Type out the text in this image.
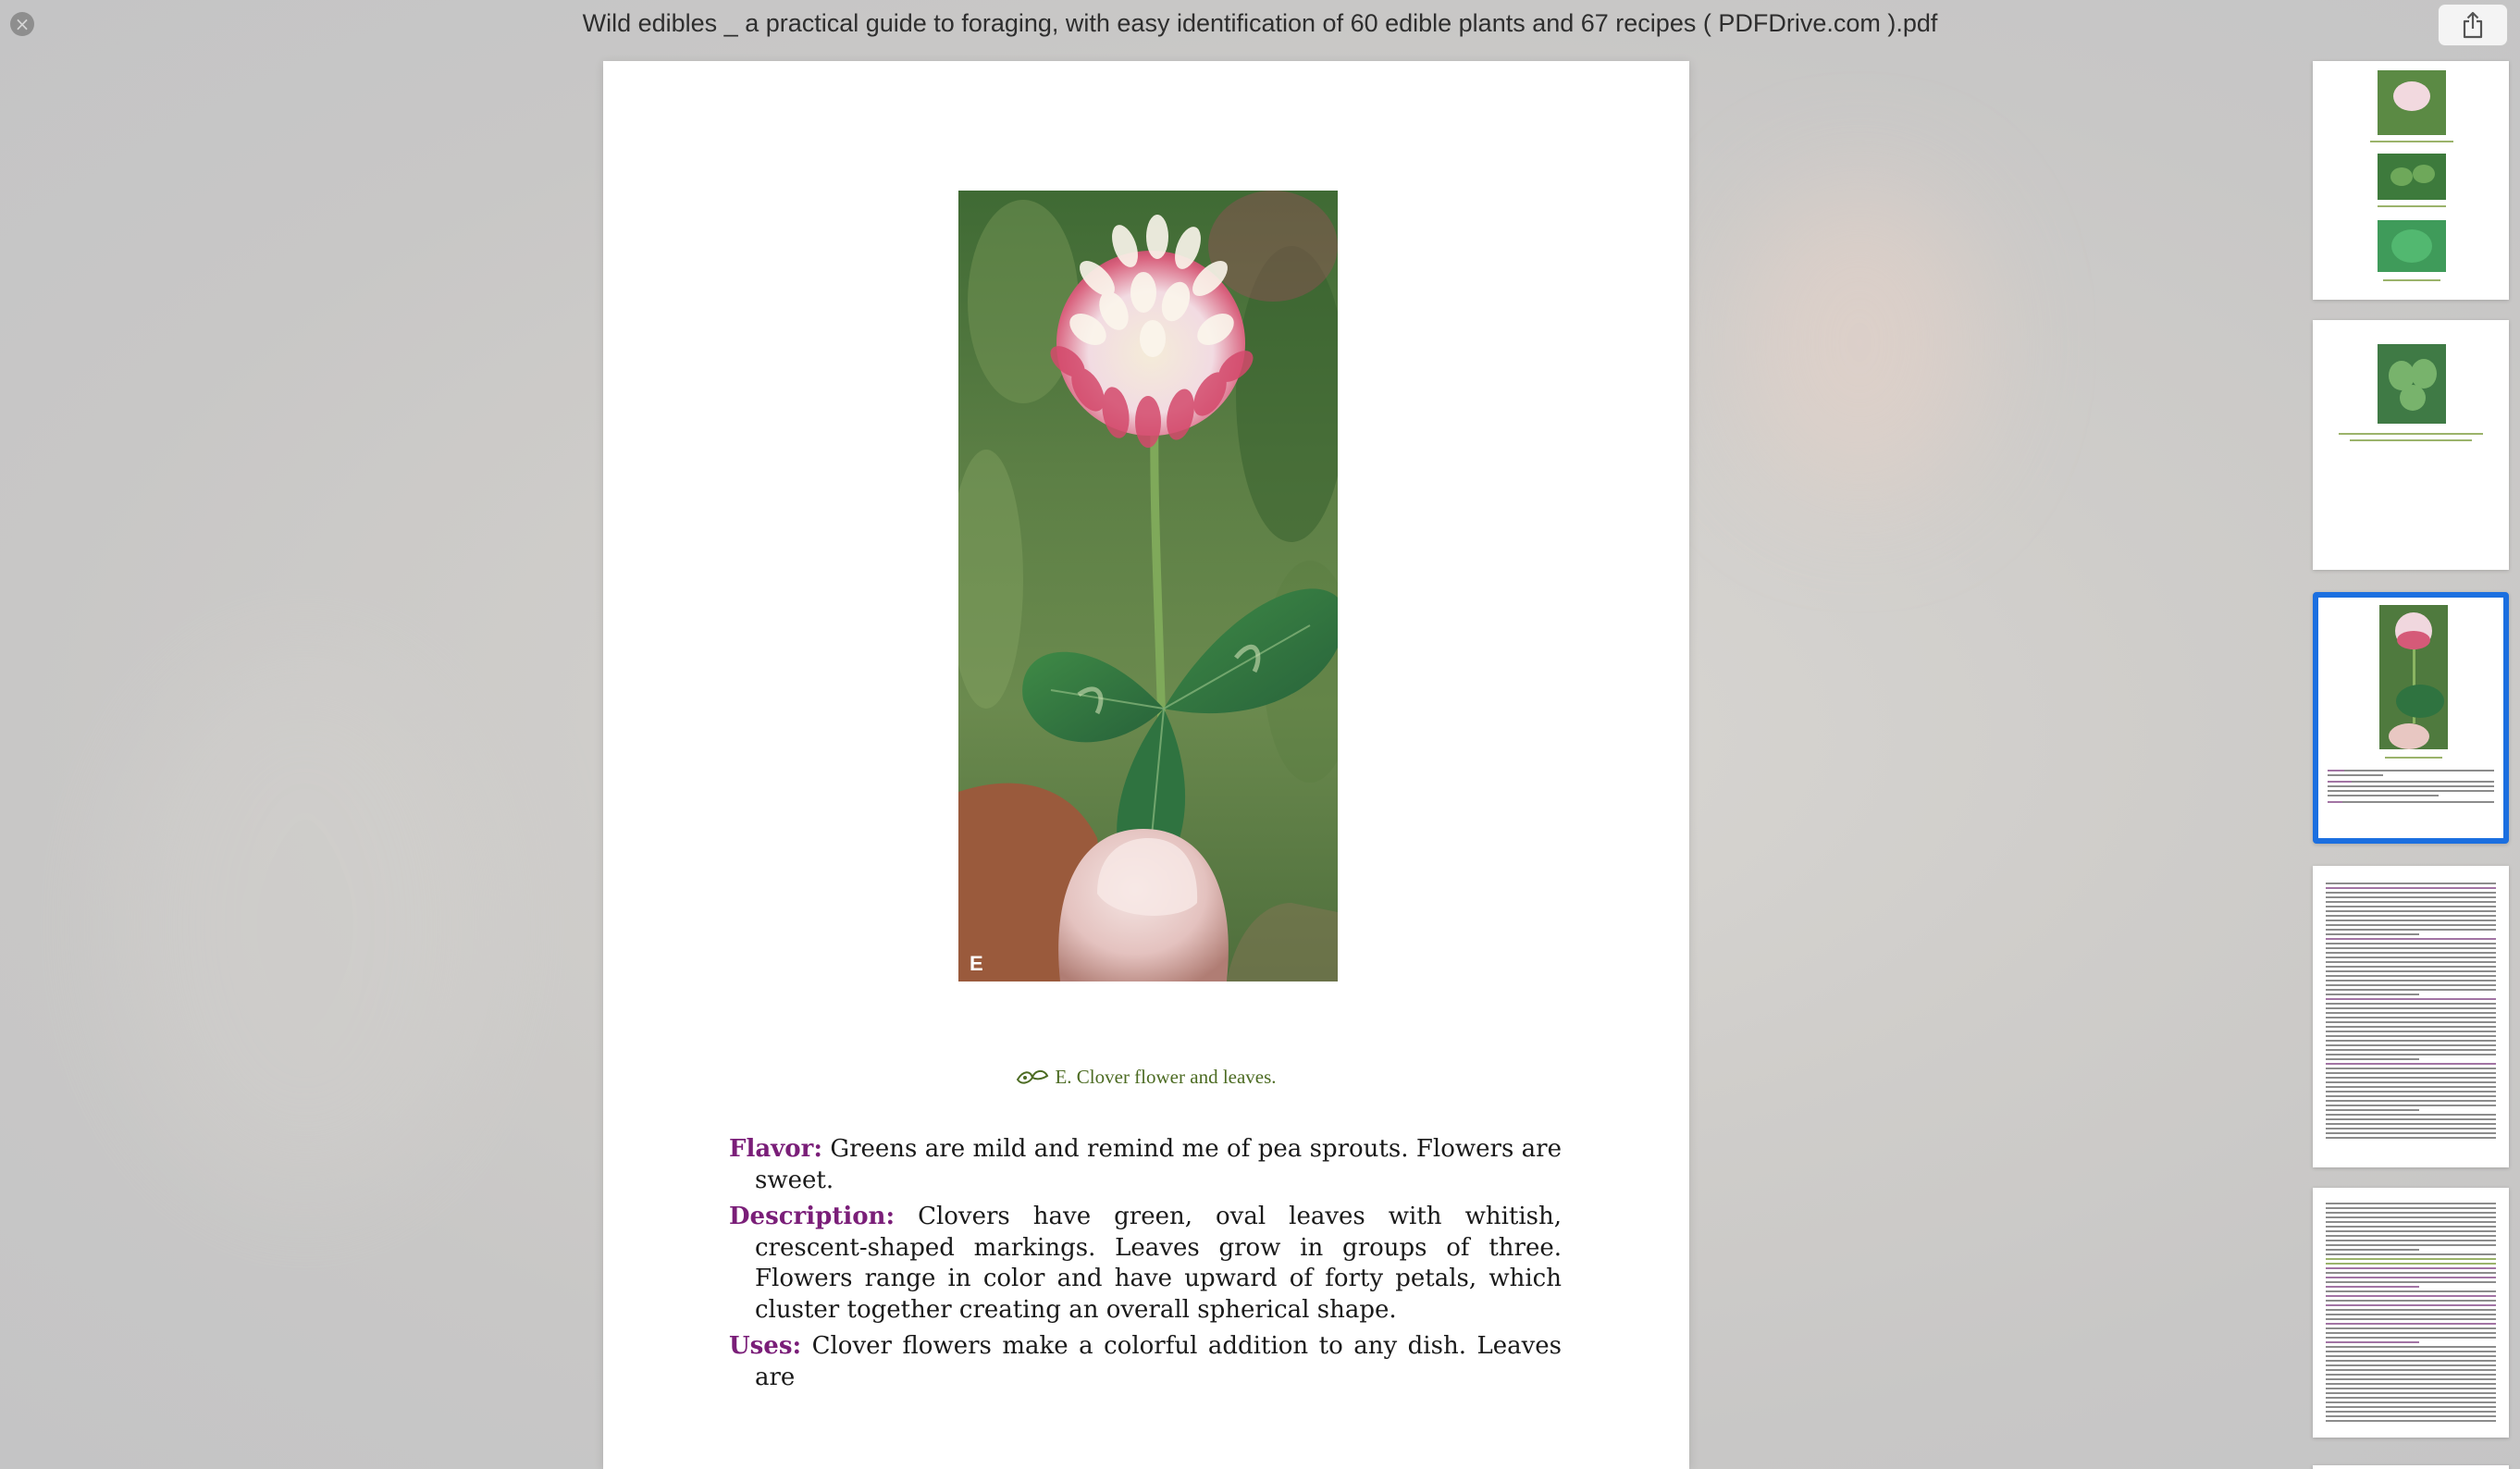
×	Wild edibles _ a practical guide to foraging, with easy identification of 60 edible plants and 67 recipes ( PDFDrive.com ).pdf
E
E. Clover flower and leaves.
Flavor: Greens are mild and remind me of pea sprouts. Flowers are sweet.
Description: Clovers have green, oval leaves with whitish, crescent-shaped markings. Leaves grow in groups of three. Flowers range in color and have upward of forty petals, which cluster together creating an overall spherical shape.
Uses: Clover flowers make a colorful addition to any dish. Leaves are
